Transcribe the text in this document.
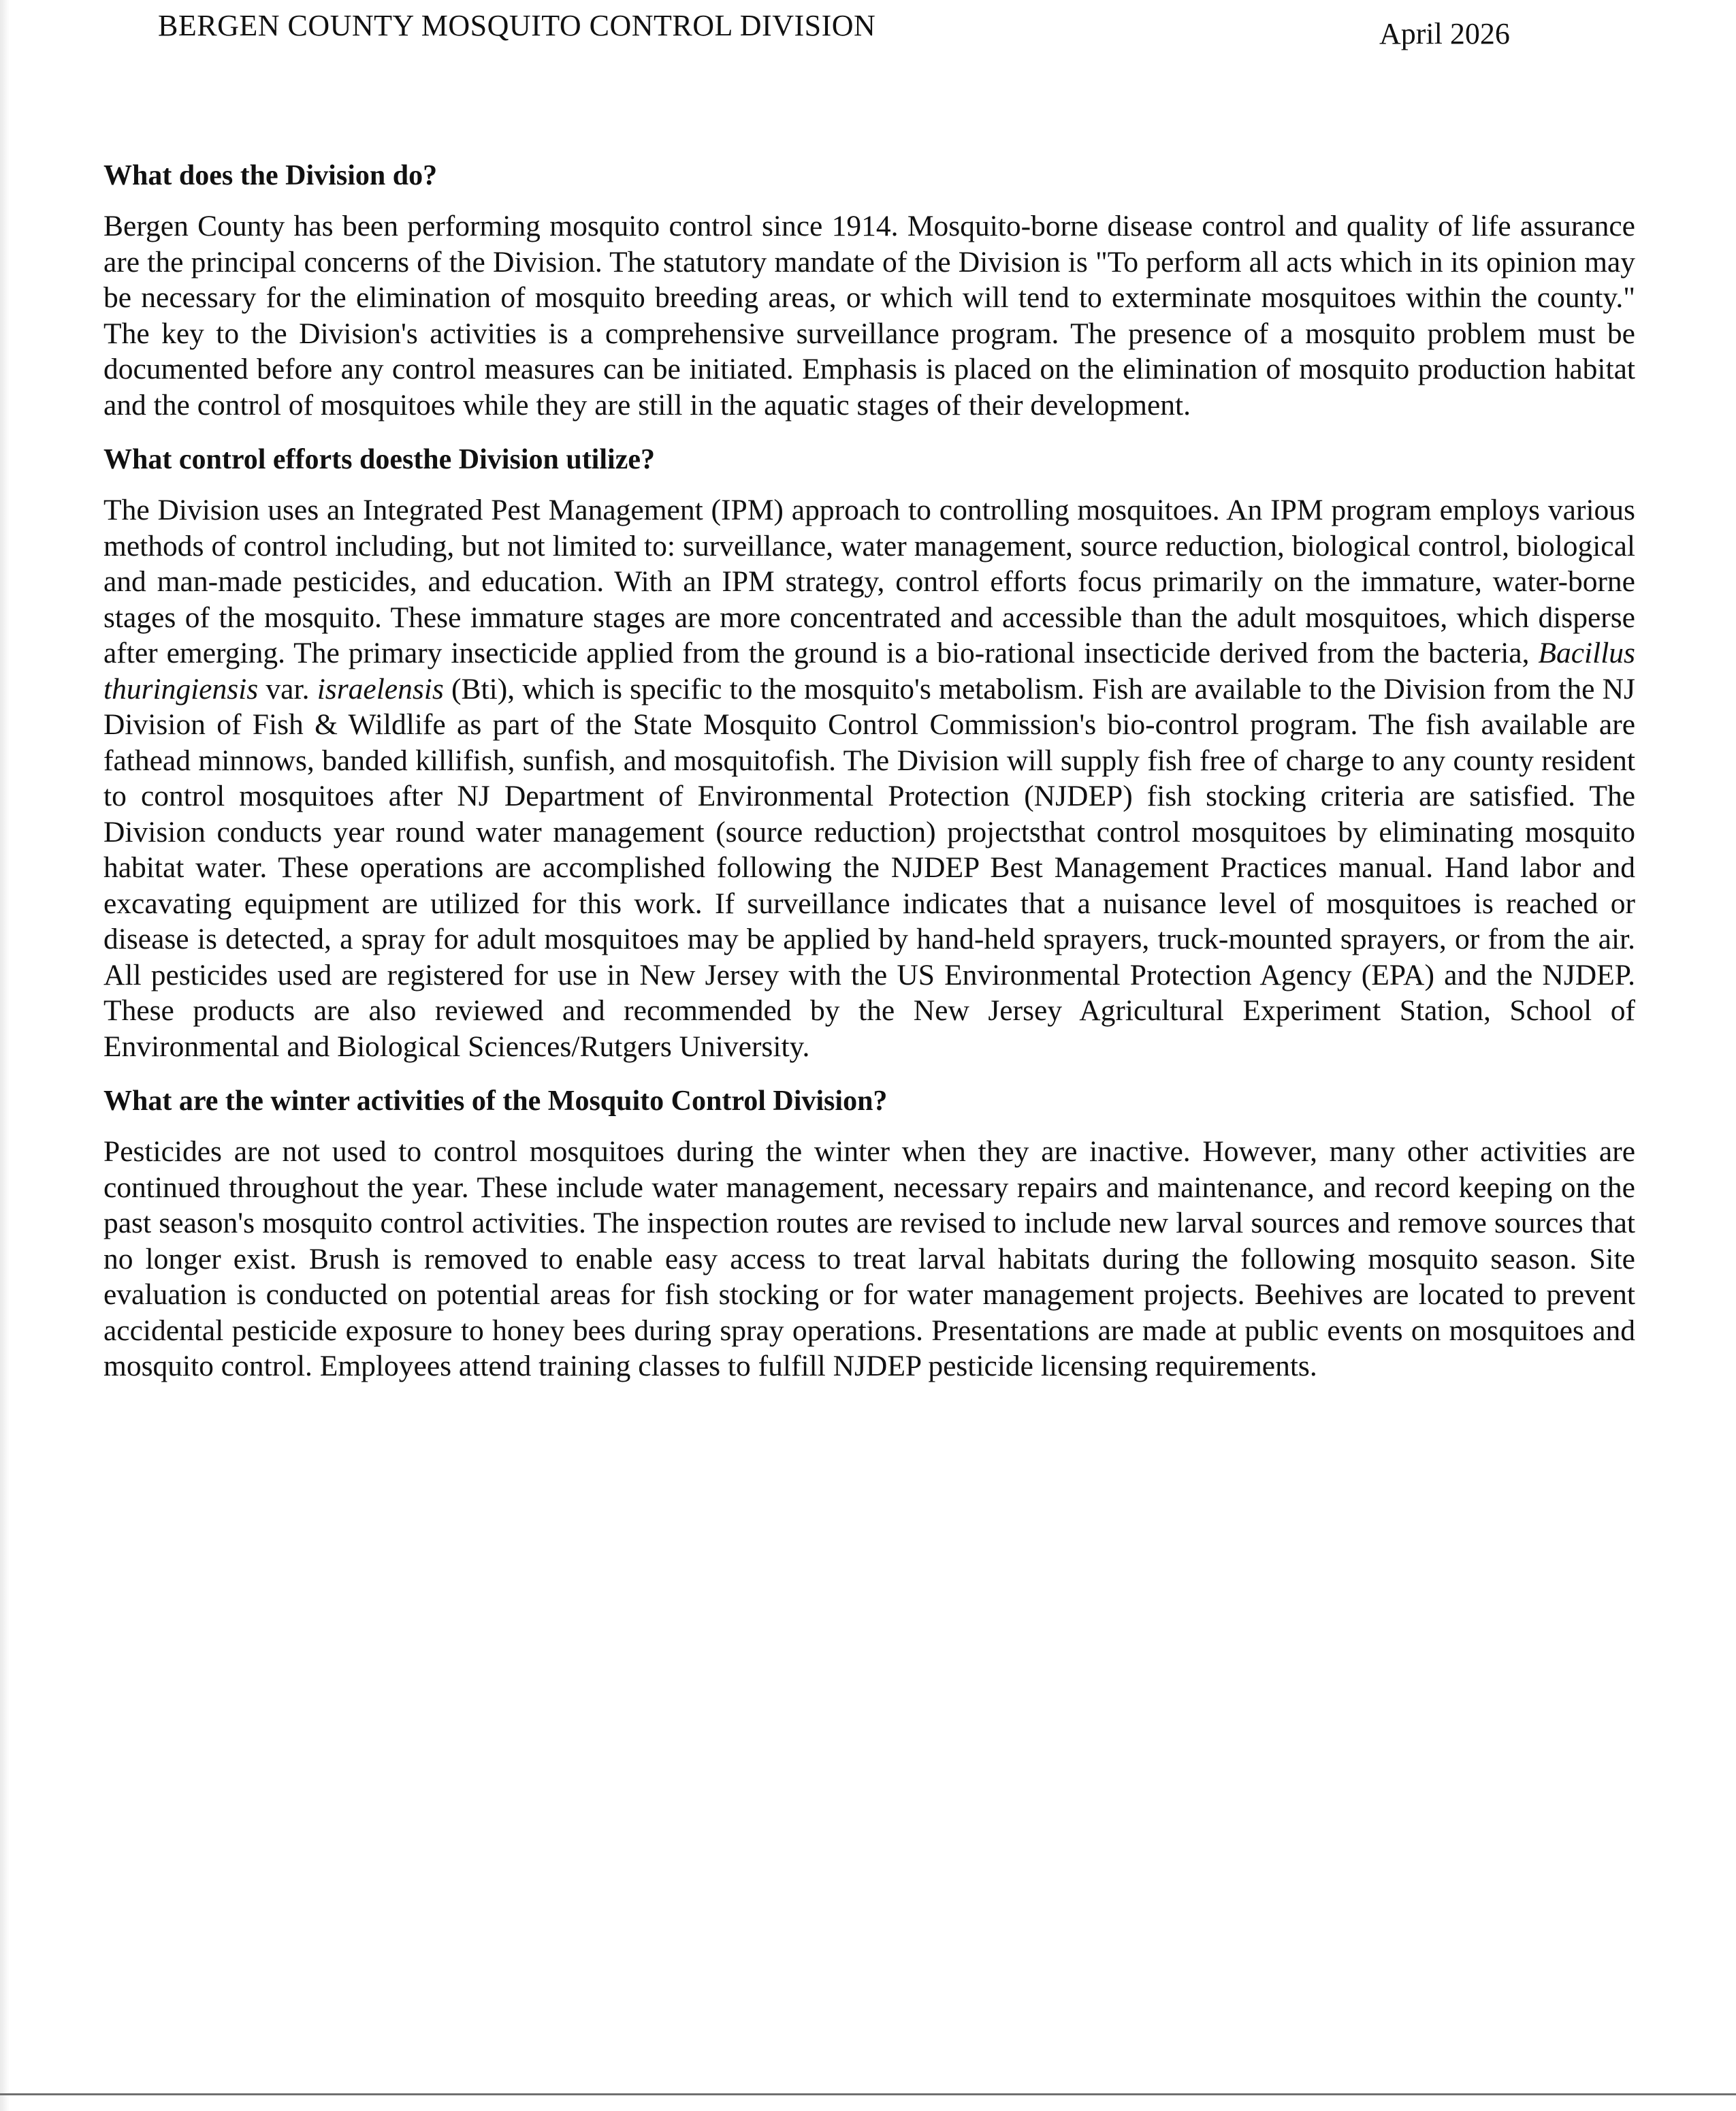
BERGEN COUNTY MOSQUITO CONTROL DIVISION	April 2026
What does the Division do?

Bergen County has been performing mosquito control since 1914. Mosquito-borne disease control and quality of life assurance are the principal concerns of the Division. The statutory mandate of the Division is "To perform all acts which in its opinion may be necessary for the elimination of mosquito breeding areas, or which will tend to exterminate mosquitoes within the county." The key to the Division's activities is a comprehensive surveillance program. The presence of a mosquito problem must be documented before any control measures can be initiated. Emphasis is placed on the elimination of mosquito production habitat and the control of mosquitoes while they are still in the aquatic stages of their development.

What control efforts doesthe Division utilize?

The Division uses an Integrated Pest Management (IPM) approach to controlling mosquitoes. An IPM program employs various methods of control including, but not limited to: surveillance, water management, source reduction, biological control, biological and man-made pesticides, and education. With an IPM strategy, control efforts focus primarily on the immature, water-borne stages of the mosquito. These immature stages are more concentrated and accessible than the adult mosquitoes, which disperse after emerging. The primary insecticide applied from the ground is a bio-rational insecticide derived from the bacteria, Bacillus thuringiensis var. israelensis (Bti), which is specific to the mosquito's metabolism. Fish are available to the Division from the NJ Division of Fish & Wildlife as part of the State Mosquito Control Commission's bio-control program. The fish available are fathead minnows, banded killifish, sunfish, and mosquitofish. The Division will supply fish free of charge to any county resident to control mosquitoes after NJ Department of Environmental Protection (NJDEP) fish stocking criteria are satisfied. The Division conducts year round water management (source reduction) projectsthat control mosquitoes by eliminating mosquito habitat water. These operations are accomplished following the NJDEP Best Management Practices manual. Hand labor and excavating equipment are utilized for this work. If surveillance indicates that a nuisance level of mosquitoes is reached or disease is detected, a spray for adult mosquitoes may be applied by hand-held sprayers, truck-mounted sprayers, or from the air. All pesticides used are registered for use in New Jersey with the US Environmental Protection Agency (EPA) and the NJDEP. These products are also reviewed and recommended by the New Jersey Agricultural Experiment Station, School of Environmental and Biological Sciences/Rutgers University.

What are the winter activities of the Mosquito Control Division?

Pesticides are not used to control mosquitoes during the winter when they are inactive. However, many other activities are continued throughout the year. These include water management, necessary repairs and maintenance, and record keeping on the past season's mosquito control activities. The inspection routes are revised to include new larval sources and remove sources that no longer exist. Brush is removed to enable easy access to treat larval habitats during the following mosquito season. Site evaluation is conducted on potential areas for fish stocking or for water management projects. Beehives are located to prevent accidental pesticide exposure to honey bees during spray operations. Presentations are made at public events on mosquitoes and mosquito control. Employees attend training classes to fulfill NJDEP pesticide licensing requirements.
